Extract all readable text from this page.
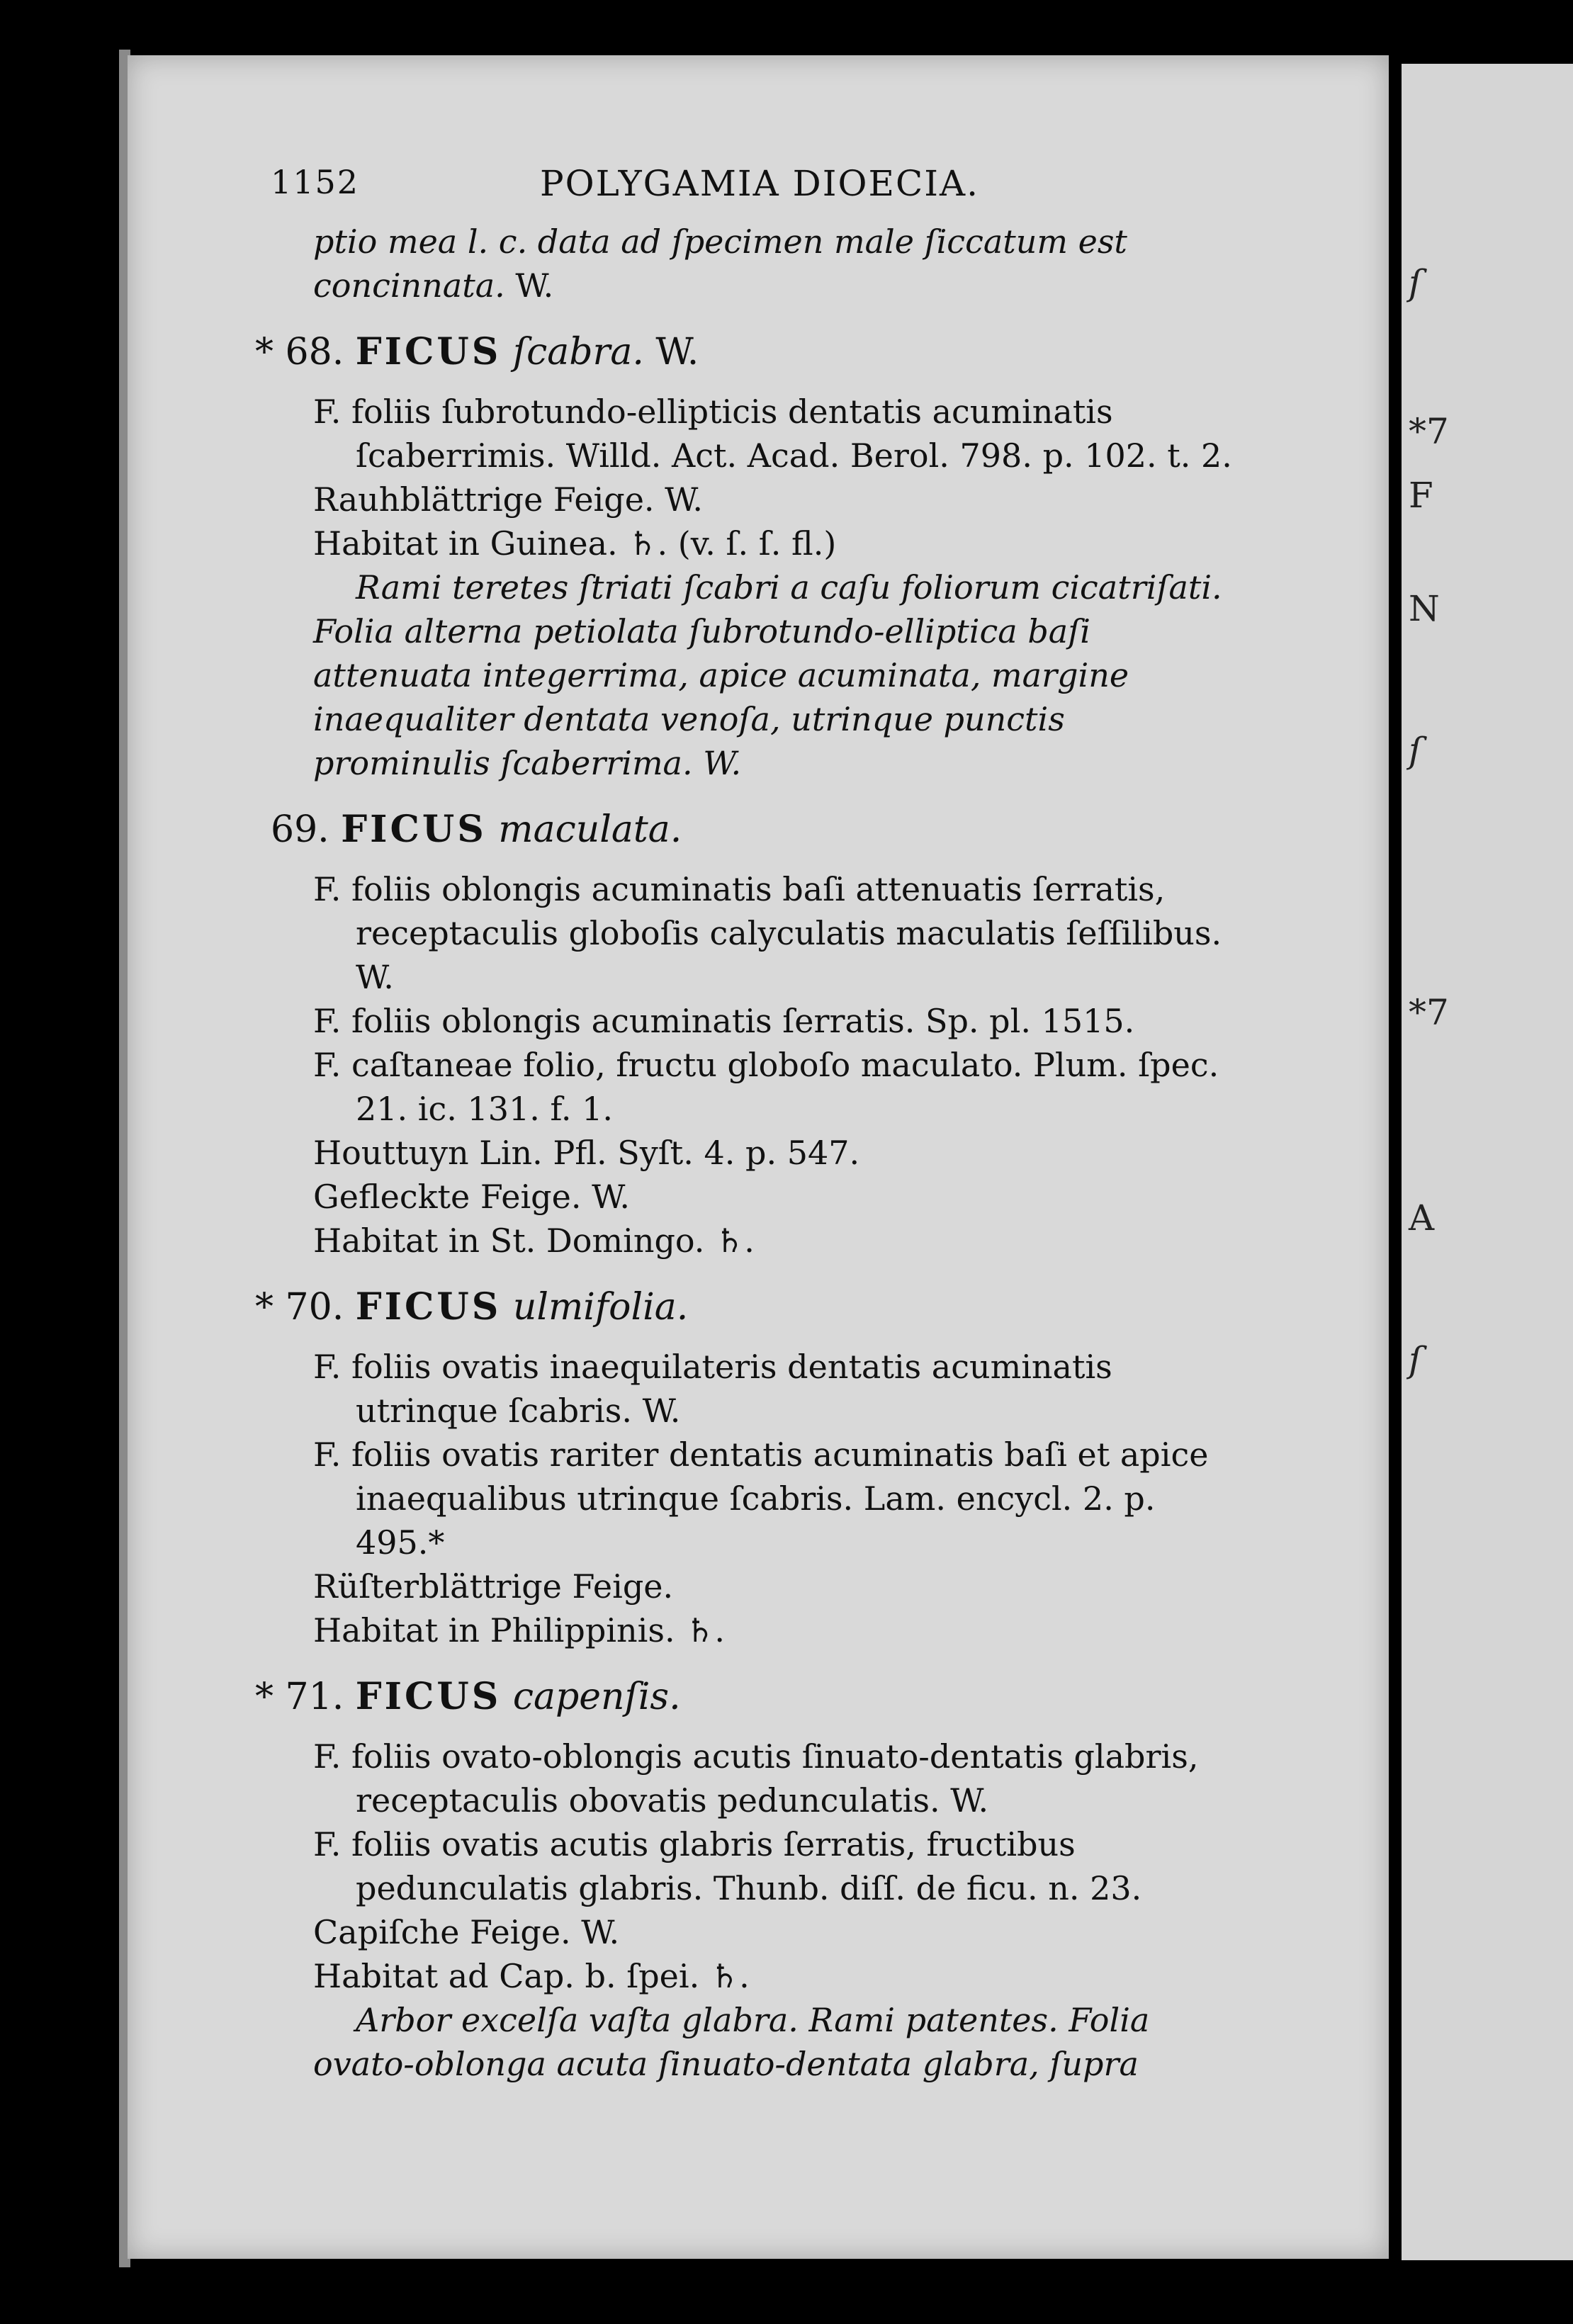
ſ
*7
F
N
ſ
*7
A
ſ
1152	POLYGAMIA DIOECIA.
ptio mea l. c. data ad ſpecimen male ſiccatum est concinnata. W.
* 68. FICUS ſcabra. W.
F. foliis ſubrotundo-ellipticis dentatis acuminatis ſcaberrimis. Willd. Act. Acad. Berol. 798. p. 102. t. 2.
Rauhblättrige Feige. W.
Habitat in Guinea. ♄. (v. ſ. ſ. fl.)
Rami teretes ſtriati ſcabri a caſu foliorum cicatriſati. Folia alterna petiolata ſubrotundo-elliptica baſi attenuata integerrima, apice acuminata, margine inaequaliter dentata venoſa, utrinque punctis prominulis ſcaberrima. W.
69. FICUS maculata.
F. foliis oblongis acuminatis baſi attenuatis ſerratis, receptaculis globoſis calyculatis maculatis ſeſſilibus. W.
F. foliis oblongis acuminatis ſerratis. Sp. pl. 1515.
F. caſtaneae folio, fructu globoſo maculato. Plum. ſpec. 21. ic. 131. f. 1.
Houttuyn Lin. Pfl. Syſt. 4. p. 547.
Gefleckte Feige. W.
Habitat in St. Domingo. ♄.
* 70. FICUS ulmifolia.
F. foliis ovatis inaequilateris dentatis acuminatis utrinque ſcabris. W.
F. foliis ovatis rariter dentatis acuminatis baſi et apice inaequalibus utrinque ſcabris. Lam. encycl. 2. p. 495.*
Rüſterblättrige Feige.
Habitat in Philippinis. ♄.
* 71. FICUS capenſis.
F. foliis ovato-oblongis acutis ſinuato-dentatis glabris, receptaculis obovatis pedunculatis. W.
F. foliis ovatis acutis glabris ſerratis, fructibus pedunculatis glabris. Thunb. diſſ. de ficu. n. 23.
Capiſche Feige. W.
Habitat ad Cap. b. ſpei. ♄.
Arbor excelſa vaſta glabra. Rami patentes. Folia ovato-oblonga acuta ſinuato-dentata glabra, ſupra
